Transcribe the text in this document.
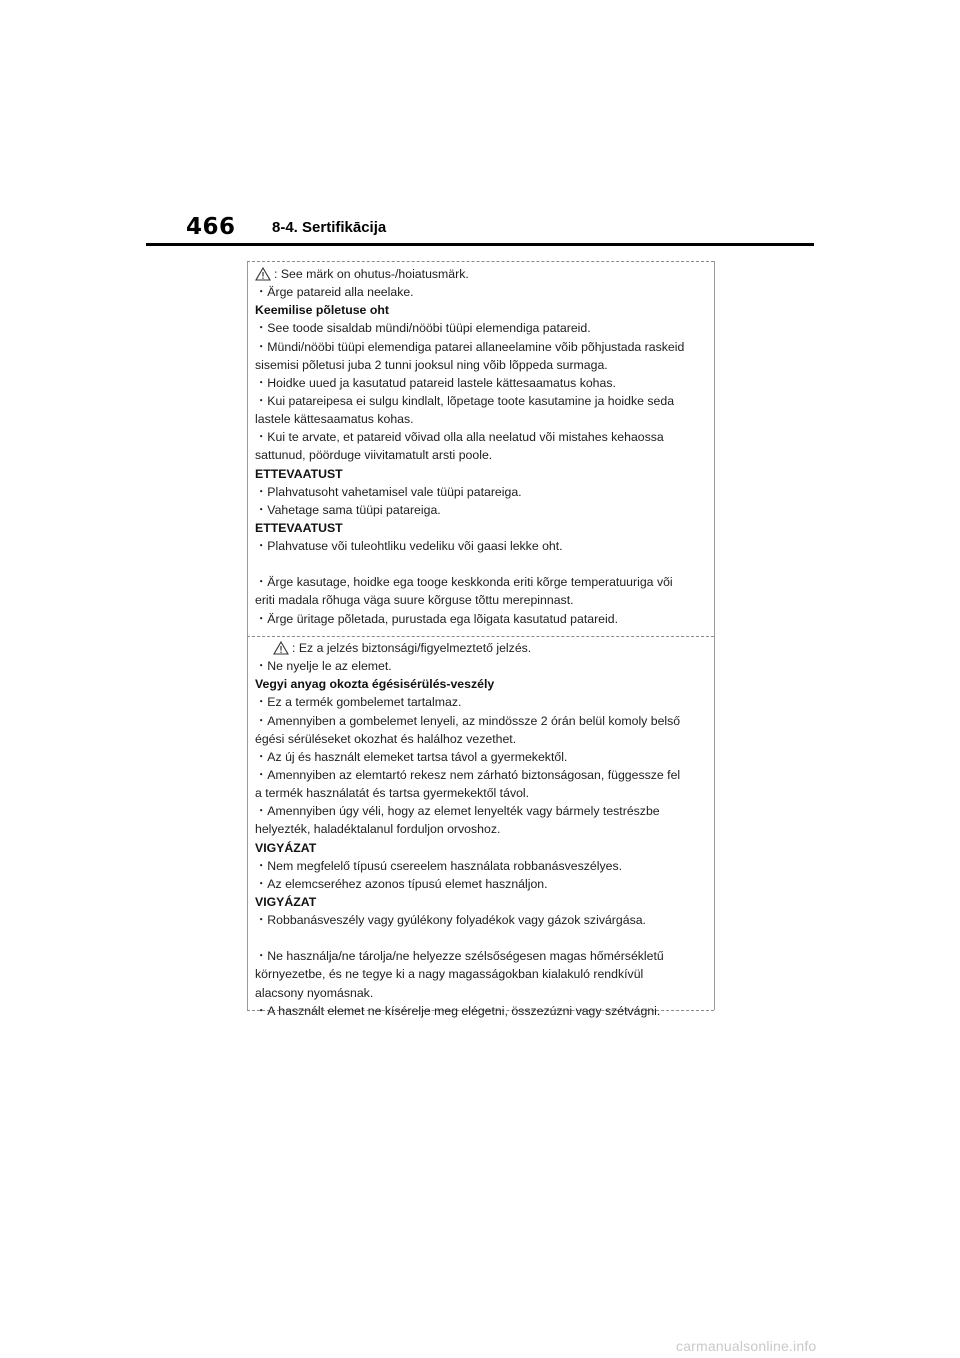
466 8-4. Sertifikācija
: See märk on ohutus-/hoiatusmärk.
・Ärge patareid alla neelake.
Keemilise põletuse oht
・See toode sisaldab mündi/nööbi tüüpi elemendiga patareid.
・Mündi/nööbi tüüpi elemendiga patarei allaneelamine võib põhjustada raskeid
sisemisi põletusi juba 2 tunni jooksul ning võib lõppeda surmaga.
・Hoidke uued ja kasutatud patareid lastele kättesaamatus kohas.
・Kui patareipesa ei sulgu kindlalt, lõpetage toote kasutamine ja hoidke seda
lastele kättesaamatus kohas.
・Kui te arvate, et patareid võivad olla alla neelatud või mistahes kehaossa
sattunud, pöörduge viivitamatult arsti poole.
ETTEVAATUST
・Plahvatusoht vahetamisel vale tüüpi patareiga.
・Vahetage sama tüüpi patareiga.
ETTEVAATUST
・Plahvatuse või tuleohtliku vedeliku või gaasi lekke oht.
・Ärge kasutage, hoidke ega tooge keskkonda eriti kõrge temperatuuriga või
eriti madala rõhuga väga suure kõrguse tõttu merepinnast.
・Ärge üritage põletada, purustada ega lõigata kasutatud patareid.
: Ez a jelzés biztonsági/figyelmeztető jelzés.
・Ne nyelje le az elemet.
Vegyi anyag okozta égésisérülés-veszély
・Ez a termék gombelemet tartalmaz.
・Amennyiben a gombelemet lenyeli, az mindössze 2 órán belül komoly belső
égési sérüléseket okozhat és halálhoz vezethet.
・Az új és használt elemeket tartsa távol a gyermekektől.
・Amennyiben az elemtartó rekesz nem zárható biztonságosan, függessze fel
a termék használatát és tartsa gyermekektől távol.
・Amennyiben úgy véli, hogy az elemet lenyelték vagy bármely testrészbe
helyezték, haladéktalanul forduljon orvoshoz.
VIGYÁZAT
・Nem megfelelő típusú csereelem használata robbanásveszélyes.
・Az elemcseréhez azonos típusú elemet használjon.
VIGYÁZAT
・Robbanásveszély vagy gyúlékony folyadékok vagy gázok szivárgása.
・Ne használja/ne tárolja/ne helyezze szélsőségesen magas hőmérsékletű
környezetbe, és ne tegye ki a nagy magasságokban kialakuló rendkívül
alacsony nyomásnak.
・A használt elemet ne kísérelje meg elégetni, összezúzni vagy szétvágni.
carmanualsonline.info
